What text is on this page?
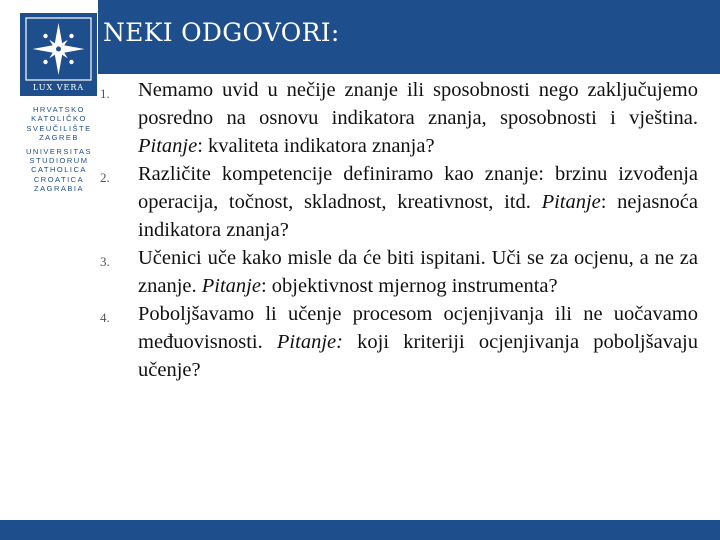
NEKI ODGOVORI:
LUX VERA
HRVATSKO
KATOLIČKO
SVEUČILIŠTE
ZAGREB
UNIVERSITAS
STUDIORUM
CATHOLICA
CROATICA
ZAGRABIA
1. Nemamo uvid u nečije znanje ili sposobnosti nego zaključujemo posredno na osnovu indikatora znanja, sposobnosti i vještina. Pitanje: kvaliteta indikatora znanja?
2. Različite kompetencije definiramo kao znanje: brzinu izvođenja operacija, točnost, skladnost, kreativnost, itd. Pitanje: nejasnoća indikatora znanja?
3. Učenici uče kako misle da će biti ispitani. Uči se za ocjenu, a ne za znanje. Pitanje: objektivnost mjernog instrumenta?
4. Poboljšavamo li učenje procesom ocjenjivanja ili ne uočavamo međuovisnosti. Pitanje: koji kriteriji ocjenjivanja poboljšavaju učenje?
